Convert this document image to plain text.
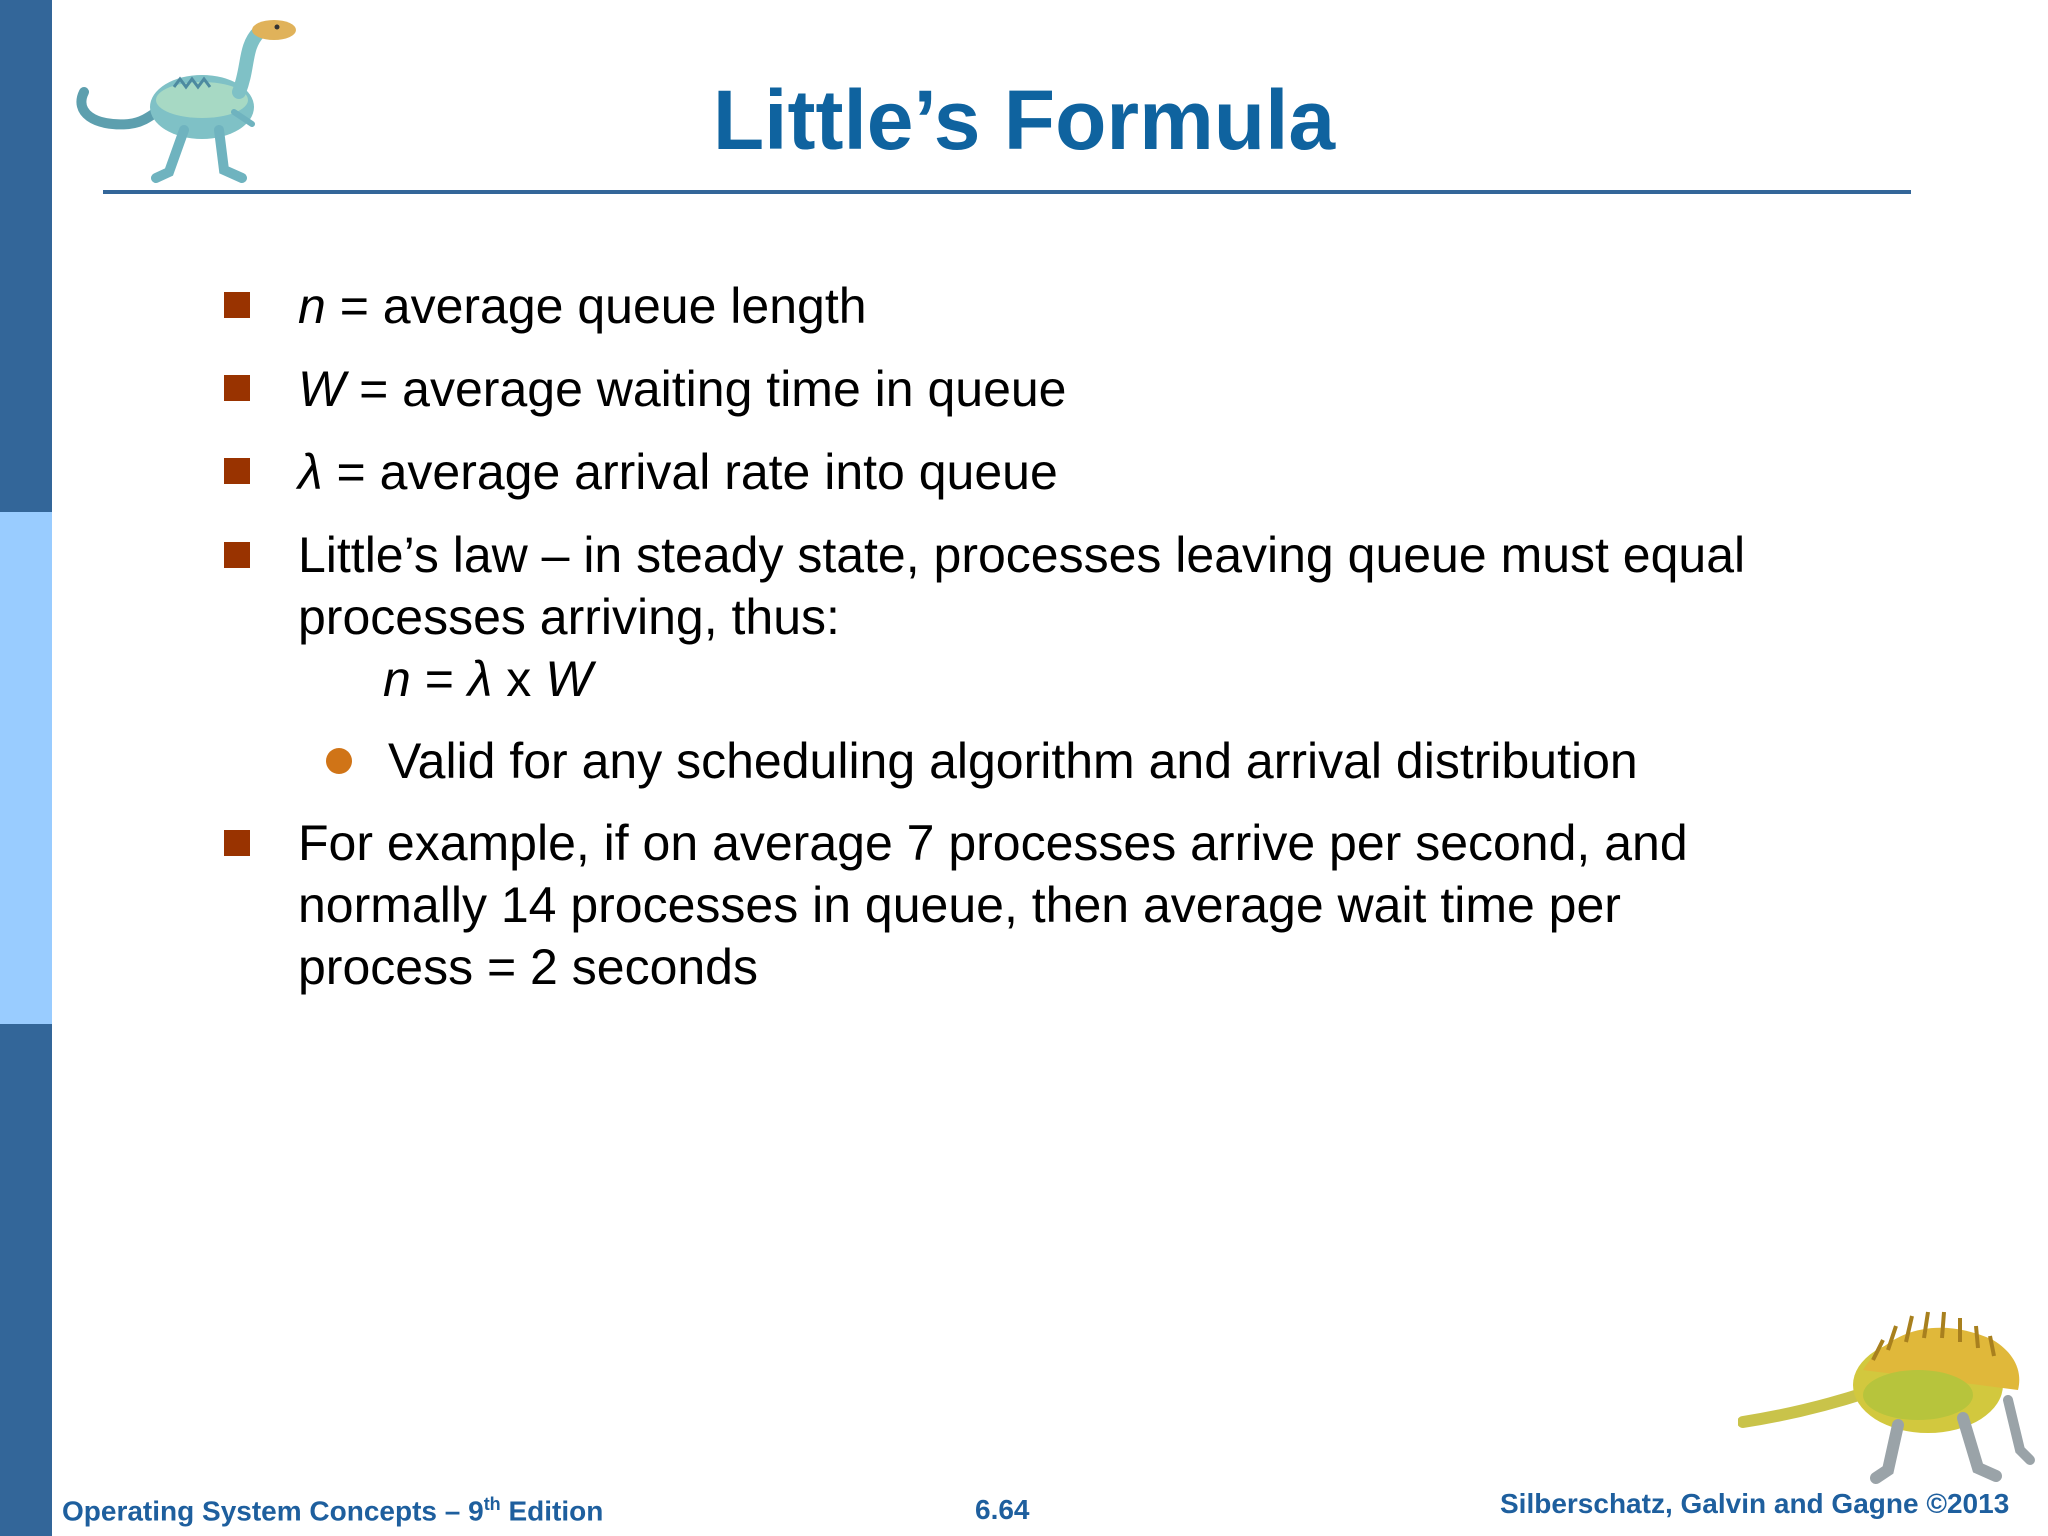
Little’s Formula
n = average queue length
W = average waiting time in queue
λ = average arrival rate into queue
Little’s law – in steady state, processes leaving queue must equal
processes arriving, thus:
n = λ x W
Valid for any scheduling algorithm and arrival distribution
For example, if on average 7 processes arrive per second, and
normally 14 processes in queue, then average wait time per
process = 2 seconds
Operating System Concepts – 9th Edition	6.64	Silberschatz, Galvin and Gagne ©2013
